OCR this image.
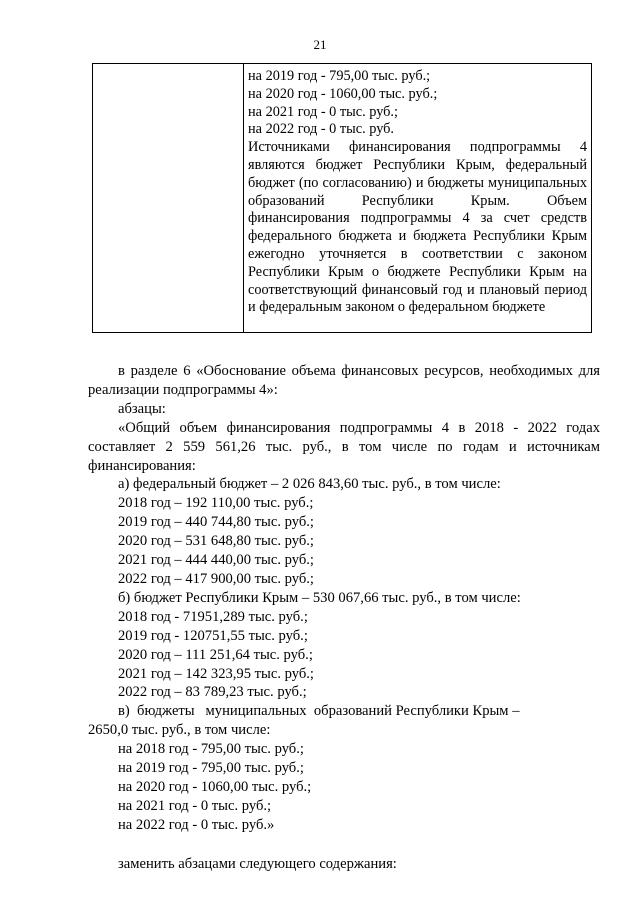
21
на 2019 год - 795,00 тыс. руб.;
на 2020 год - 1060,00 тыс. руб.;
на 2021 год - 0 тыс. руб.;
на 2022 год - 0 тыс. руб.
Источниками финансирования подпрограммы 4 являются бюджет Республики Крым, федеральный бюджет (по согласованию) и бюджеты муниципальных образований Республики Крым. Объем финансирования подпрограммы 4 за счет средств федерального бюджета и бюджета Республики Крым ежегодно уточняется в соответствии с законом Республики Крым о бюджете Республики Крым на соответствующий финансовый год и плановый период и федеральным законом о федеральном бюджете
в разделе 6 «Обоснование объема финансовых ресурсов, необходимых для реализации подпрограммы 4»:
абзацы:
«Общий объем финансирования подпрограммы 4 в 2018 - 2022 годах составляет 2 559 561,26 тыс. руб., в том числе по годам и источникам финансирования:
а) федеральный бюджет – 2 026 843,60 тыс. руб., в том числе:
2018 год – 192 110,00 тыс. руб.;
2019 год – 440 744,80 тыс. руб.;
2020 год – 531 648,80 тыс. руб.;
2021 год – 444 440,00 тыс. руб.;
2022 год – 417 900,00 тыс. руб.;
б) бюджет Республики Крым – 530 067,66 тыс. руб., в том числе:
2018 год - 71951,289 тыс. руб.;
2019 год - 120751,55 тыс. руб.;
2020 год – 111 251,64 тыс. руб.;
2021 год – 142 323,95 тыс. руб.;
2022 год – 83 789,23 тыс. руб.;
в)  бюджеты   муниципальных  образований Республики Крым –
2650,0 тыс. руб., в том числе:
на 2018 год - 795,00 тыс. руб.;
на 2019 год - 795,00 тыс. руб.;
на 2020 год - 1060,00 тыс. руб.;
на 2021 год - 0 тыс. руб.;
на 2022 год - 0 тыс. руб.»
заменить абзацами следующего содержания:
